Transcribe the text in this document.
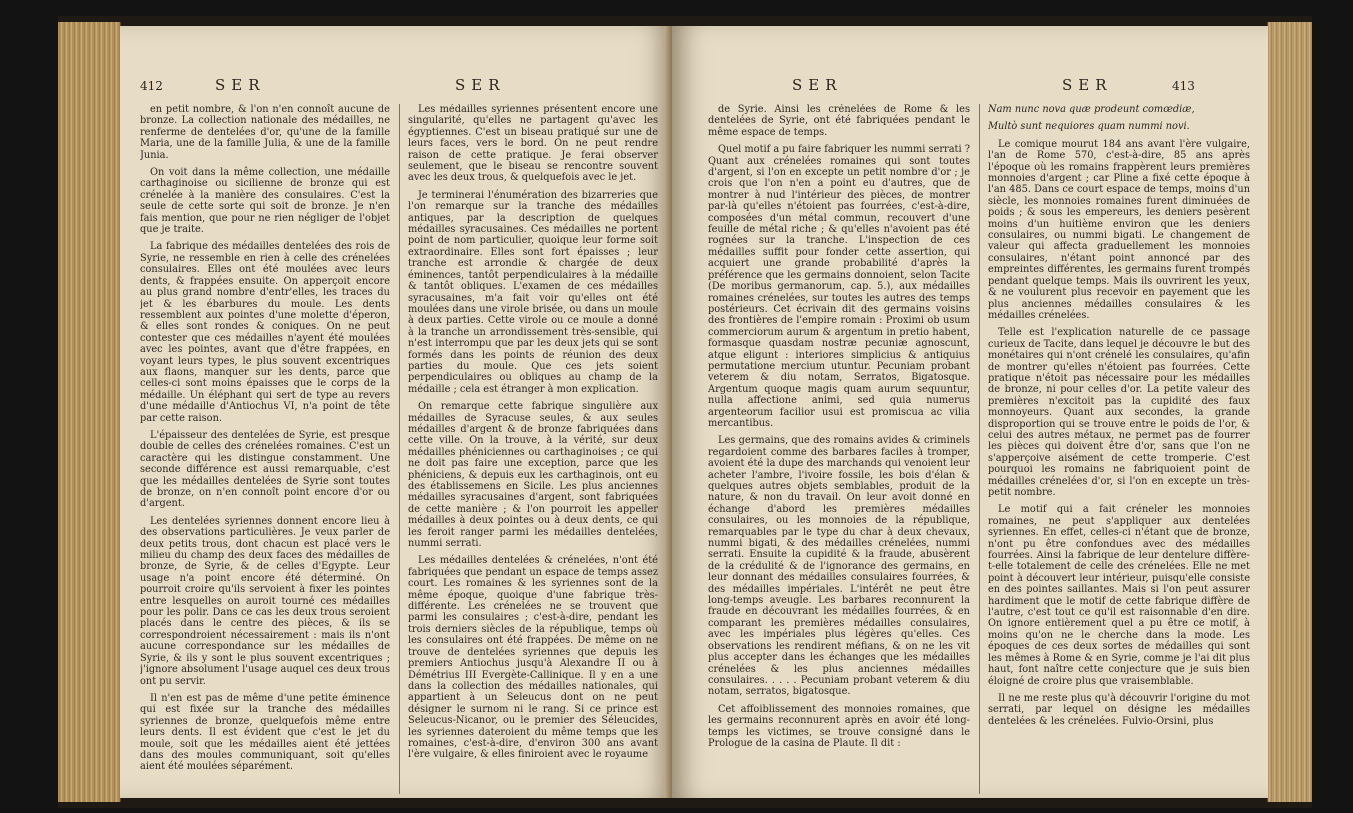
412	SER	SER

en petit nombre, & l'on n'en connoît aucune de bronze. La collection nationale des médailles, ne renferme de dentelées d'or, qu'une de la famille Maria, une de la famille Julia, & une de la famille Junia.

On voit dans la même collection, une médaille carthaginoise ou sicilienne de bronze qui est crénelée à la manière des consulaires. C'est la seule de cette sorte qui soit de bronze. Je n'en fais mention, que pour ne rien négliger de l'objet que je traite.

La fabrique des médailles dentelées des rois de Syrie, ne ressemble en rien à celle des crénelées consulaires. Elles ont été moulées avec leurs dents, & frappées ensuite. On apperçoit encore au plus grand nombre d'entr'elles, les traces du jet & les ébarbures du moule. Les dents ressemblent aux pointes d'une molette d'éperon, & elles sont rondes & coniques. On ne peut contester que ces médailles n'ayent été moulées avec les pointes, avant que d'être frappées, en voyant leurs types, le plus souvent excentriques aux flaons, manquer sur les dents, parce que celles-ci sont moins épaisses que le corps de la médaille. Un éléphant qui sert de type au revers d'une médaille d'Antiochus VI, n'a point de tête par cette raison.

L'épaisseur des dentelées de Syrie, est presque double de celles des crénelées romaines. C'est un caractère qui les distingue constamment. Une seconde différence est aussi remarquable, c'est que les médailles dentelées de Syrie sont toutes de bronze, on n'en connoît point encore d'or ou d'argent.

Les dentelées syriennes donnent encore lieu à des observations particulières. Je veux parler de deux petits trous, dont chacun est placé vers le milieu du champ des deux faces des médailles de bronze, de Syrie, & de celles d'Egypte. Leur usage n'a point encore été déterminé. On pourroit croire qu'ils servoient à fixer les pointes entre lesquelles on auroit tourné ces médailles pour les polir. Dans ce cas les deux trous seroient placés dans le centre des pièces, & ils se correspondroient nécessairement : mais ils n'ont aucune correspondance sur les médailles de Syrie, & ils y sont le plus souvent excentriques ; j'ignore absolument l'usage auquel ces deux trous ont pu servir.

Il n'en est pas de même d'une petite éminence qui est fixée sur la tranche des médailles syriennes de bronze, quelquefois même entre leurs dents. Il est évident que c'est le jet du moule, soit que les médailles aient été jettées dans des moules communiquant, soit qu'elles aient été moulées séparément.

Les médailles syriennes présentent encore une singularité, qu'elles ne partagent qu'avec les égyptiennes. C'est un biseau pratiqué sur une de leurs faces, vers le bord. On ne peut rendre raison de cette pratique. Je ferai observer seulement, que le biseau se rencontre souvent avec les deux trous, & quelquefois avec le jet.

Je terminerai l'énumération des bizarreries que l'on remarque sur la tranche des médailles antiques, par la description de quelques médailles syracusaines. Ces médailles ne portent point de nom particulier, quoique leur forme soit extraordinaire. Elles sont fort épaisses ; leur tranche est arrondie & chargée de deux éminences, tantôt perpendiculaires à la médaille & tantôt obliques. L'examen de ces médailles syracusaines, m'a fait voir qu'elles ont été moulées dans une virole brisée, ou dans un moule à deux parties. Cette virole ou ce moule a donné à la tranche un arrondissement très-sensible, qui n'est interrompu que par les deux jets qui se sont formés dans les points de réunion des deux parties du moule. Que ces jets soient perpendiculaires ou obliques au champ de la médaille ; cela est étranger à mon explication.

On remarque cette fabrique singulière aux médailles de Syracuse seules, & aux seules médailles d'argent & de bronze fabriquées dans cette ville. On la trouve, à la vérité, sur deux médailles phéniciennes ou carthaginoises ; ce qui ne doit pas faire une exception, parce que les phéniciens, & depuis eux les carthaginois, ont eu des établissemens en Sicile. Les plus anciennes médailles syracusaines d'argent, sont fabriquées de cette manière ; & l'on pourroit les appeller médailles à deux pointes ou à deux dents, ce qui les feroit ranger parmi les médailles dentelées, nummi serrati.

Les médailles dentelées & crénelées, n'ont été fabriquées que pendant un espace de temps assez court. Les romaines & les syriennes sont de la même époque, quoique d'une fabrique très-différente. Les crénelées ne se trouvent que parmi les consulaires ; c'est-à-dire, pendant les trois derniers siècles de la république, temps où les consulaires ont été frappées. De même on ne trouve de dentelées syriennes que depuis les premiers Antiochus jusqu'à Alexandre II ou à Démétrius III Evergète-Callinique. Il y en a une dans la collection des médailles nationales, qui appartient à un Seleucus dont on ne peut désigner le surnom ni le rang. Si ce prince est Seleucus-Nicanor, ou le premier des Séleucides, les syriennes dateroient du même temps que les romaines, c'est-à-dire, d'environ 300 ans avant l'ère vulgaire, & elles finiroient avec le royaume

SER	SER	413

de Syrie. Ainsi les crénelées de Rome & les dentelées de Syrie, ont été fabriquées pendant le même espace de temps.

Quel motif a pu faire fabriquer les nummi serrati ? Quant aux crénelées romaines qui sont toutes d'argent, si l'on en excepte un petit nombre d'or ; je crois que l'on n'en a point eu d'autres, que de montrer à nud l'intérieur des pièces, de montrer par-là qu'elles n'étoient pas fourrées, c'est-à-dire, composées d'un métal commun, recouvert d'une feuille de métal riche ; & qu'elles n'avoient pas été rognées sur la tranche. L'inspection de ces médailles suffit pour fonder cette assertion, qui acquiert une grande probabilité d'après la préférence que les germains donnoient, selon Tacite (De moribus germanorum, cap. 5.), aux médailles romaines crénelées, sur toutes les autres des temps postérieurs. Cet écrivain dit des germains voisins des frontières de l'empire romain : Proximi ob usum commerciorum aurum & argentum in pretio habent, formasque quasdam nostræ pecuniæ agnoscunt, atque eligunt : interiores simplicius & antiquius permutatione mercium utuntur. Pecuniam probant veterem & diu notam, Serratos, Bigatosque. Argentum quoque magis quam aurum sequuntur, nulla affectione animi, sed quia numerus argenteorum facilior usui est promiscua ac vilia mercantibus.

Les germains, que des romains avides & criminels regardoient comme des barbares faciles à tromper, avoient été la dupe des marchands qui venoient leur acheter l'ambre, l'ivoire fossile, les bois d'élan & quelques autres objets semblables, produit de la nature, & non du travail. On leur avoit donné en échange d'abord les premières médailles consulaires, ou les monnoies de la république, remarquables par le type du char à deux chevaux, nummi bigati, & des médailles crénelées, nummi serrati. Ensuite la cupidité & la fraude, abusèrent de la crédulité & de l'ignorance des germains, en leur donnant des médailles consulaires fourrées, & des médailles impériales. L'intérêt ne peut être long-temps aveugle. Les barbares reconnurent la fraude en découvrant les médailles fourrées, & en comparant les premières médailles consulaires, avec les impériales plus légères qu'elles. Ces observations les rendirent méfians, & on ne les vit plus accepter dans les échanges que les médailles crénelées & les plus anciennes médailles consulaires. . . . . Pecuniam probant veterem & diu notam, serratos, bigatosque.

Cet affoiblissement des monnoies romaines, que les germains reconnurent après en avoir été long-temps les victimes, se trouve consigné dans le Prologue de la casina de Plaute. Il dit :

Nam nunc nova quæ prodeunt comœdiæ,

Multò sunt nequiores quam nummi novi.

Le comique mourut 184 ans avant l'ère vulgaire, l'an de Rome 570, c'est-à-dire, 85 ans après l'époque où les romains frappèrent leurs premières monnoies d'argent ; car Pline a fixé cette époque à l'an 485. Dans ce court espace de temps, moins d'un siècle, les monnoies romaines furent diminuées de poids ; & sous les empereurs, les deniers pesèrent moins d'un huitième environ que les deniers consulaires, ou nummi bigati. Le changement de valeur qui affecta graduellement les monnoies consulaires, n'étant point annoncé par des empreintes différentes, les germains furent trompés pendant quelque temps. Mais ils ouvrirent les yeux, & ne voulurent plus recevoir en payement que les plus anciennes médailles consulaires & les médailles crénelées.

Telle est l'explication naturelle de ce passage curieux de Tacite, dans lequel je découvre le but des monétaires qui n'ont crénelé les consulaires, qu'afin de montrer qu'elles n'étoient pas fourrées. Cette pratique n'étoit pas nécessaire pour les médailles de bronze, ni pour celles d'or. La petite valeur des premières n'excitoit pas la cupidité des faux monnoyeurs. Quant aux secondes, la grande disproportion qui se trouve entre le poids de l'or, & celui des autres métaux, ne permet pas de fourrer les pièces qui doivent être d'or, sans que l'on ne s'apperçoive aisément de cette tromperie. C'est pourquoi les romains ne fabriquoient point de médailles crénelées d'or, si l'on en excepte un très-petit nombre.

Le motif qui a fait créneler les monnoies romaines, ne peut s'appliquer aux dentelées syriennes. En effet, celles-ci n'étant que de bronze, n'ont pu être confondues avec des médailles fourrées. Ainsi la fabrique de leur dentelure diffère-t-elle totalement de celle des crénelées. Elle ne met point à découvert leur intérieur, puisqu'elle consiste en des pointes saillantes. Mais si l'on peut assurer hardiment que le motif de cette fabrique diffère de l'autre, c'est tout ce qu'il est raisonnable d'en dire. On ignore entièrement quel a pu être ce motif, à moins qu'on ne le cherche dans la mode. Les époques de ces deux sortes de médailles qui sont les mêmes à Rome & en Syrie, comme je l'ai dit plus haut, font naître cette conjecture que je suis bien éloigné de croire plus que vraisemblable.

Il ne me reste plus qu'à découvrir l'origine du mot serrati, par lequel on désigne les médailles dentelées & les crénelées. Fulvio-Orsini, plus
